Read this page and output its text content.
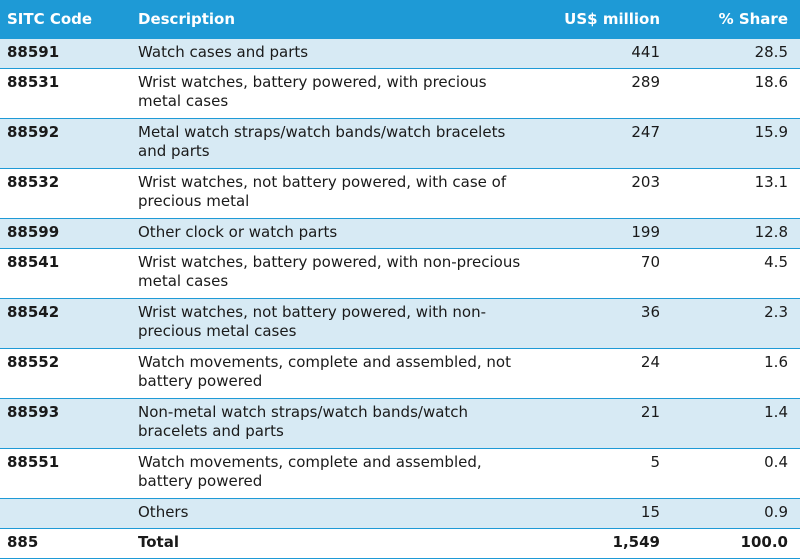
SITC Code	Description	US$ million	% Share
88591	Watch cases and parts	441	28.5
88531	Wrist watches, battery powered, with precious metal cases	289	18.6
88592	Metal watch straps/watch bands/watch bracelets and parts	247	15.9
88532	Wrist watches, not battery powered, with case of precious metal	203	13.1
88599	Other clock or watch parts	199	12.8
88541	Wrist watches, battery powered, with non-precious metal cases	70	4.5
88542	Wrist watches, not battery powered, with non-precious metal cases	36	2.3
88552	Watch movements, complete and assembled, not battery powered	24	1.6
88593	Non-metal watch straps/watch bands/watch bracelets and parts	21	1.4
88551	Watch movements, complete and assembled, battery powered	5	0.4
	Others	15	0.9
885	Total	1,549	100.0
